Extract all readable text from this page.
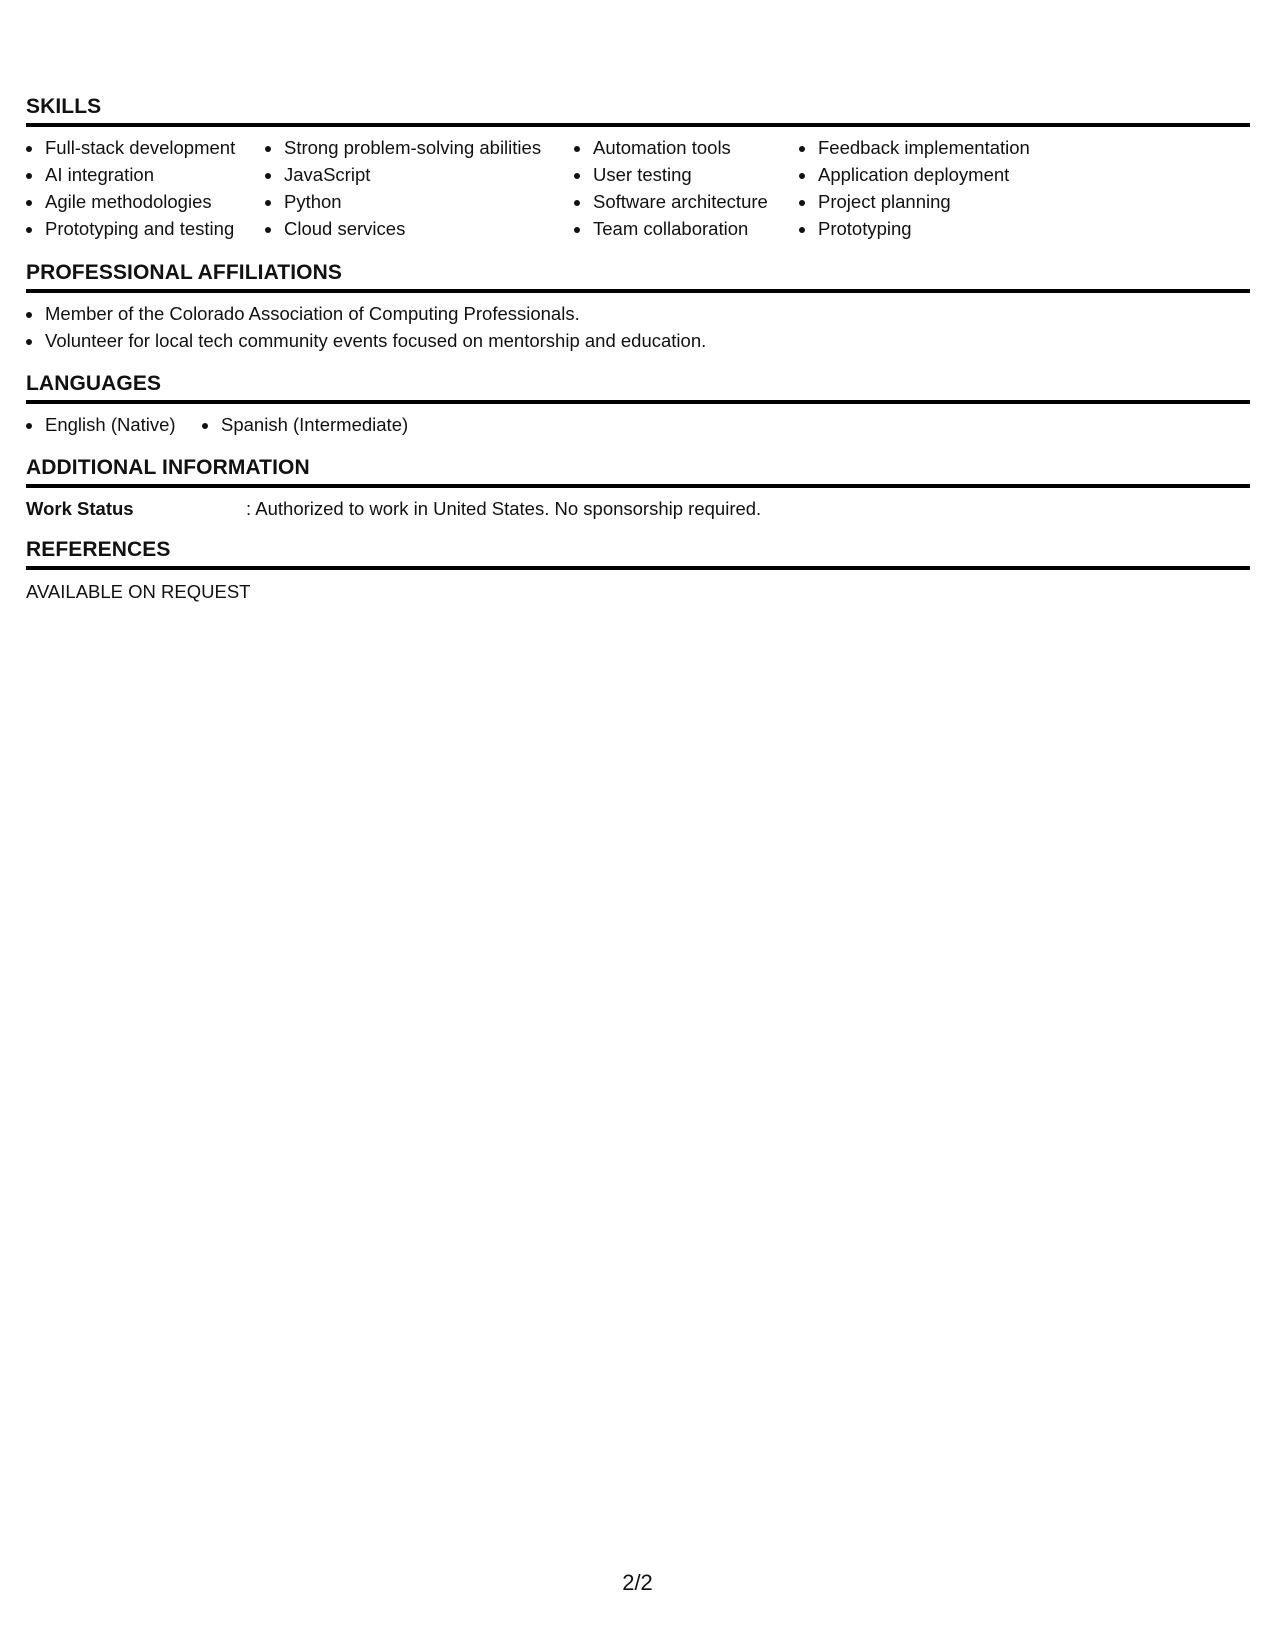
SKILLS
Full-stack development
AI integration
Agile methodologies
Prototyping and testing
Strong problem-solving abilities
JavaScript
Python
Cloud services
Automation tools
User testing
Software architecture
Team collaboration
Feedback implementation
Application deployment
Project planning
Prototyping
PROFESSIONAL AFFILIATIONS
Member of the Colorado Association of Computing Professionals.
Volunteer for local tech community events focused on mentorship and education.
LANGUAGES
English (Native)	Spanish (Intermediate)
ADDITIONAL INFORMATION
Work Status	: Authorized to work in United States. No sponsorship required.
REFERENCES
AVAILABLE ON REQUEST
2/2
